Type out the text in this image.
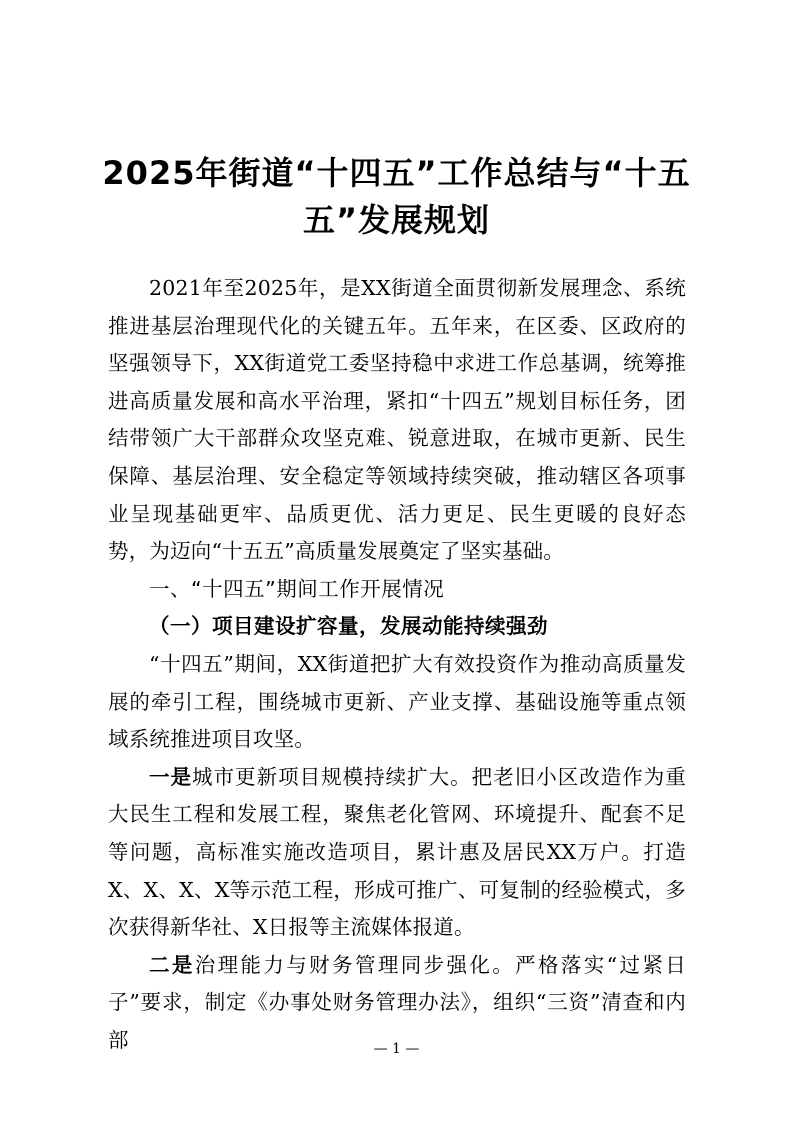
2025年街道“十四五”工作总结与“十五五”发展规划

2021年至2025年，是XX街道全面贯彻新发展理念、系统推进基层治理现代化的关键五年。五年来，在区委、区政府的坚强领导下，XX街道党工委坚持稳中求进工作总基调，统筹推进高质量发展和高水平治理，紧扣“十四五”规划目标任务，团结带领广大干部群众攻坚克难、锐意进取，在城市更新、民生保障、基层治理、安全稳定等领域持续突破，推动辖区各项事业呈现基础更牢、品质更优、活力更足、民生更暖的良好态势，为迈向“十五五”高质量发展奠定了坚实基础。

一、“十四五”期间工作开展情况

（一）项目建设扩容量，发展动能持续强劲

“十四五”期间，XX街道把扩大有效投资作为推动高质量发展的牵引工程，围绕城市更新、产业支撑、基础设施等重点领域系统推进项目攻坚。

一是城市更新项目规模持续扩大。把老旧小区改造作为重大民生工程和发展工程，聚焦老化管网、环境提升、配套不足等问题，高标准实施改造项目，累计惠及居民XX万户。打造X、X、X、X等示范工程，形成可推广、可复制的经验模式，多次获得新华社、X日报等主流媒体报道。

二是治理能力与财务管理同步强化。严格落实“过紧日子”要求，制定《办事处财务管理办法》，组织“三资”清查和内部	— 1 —
